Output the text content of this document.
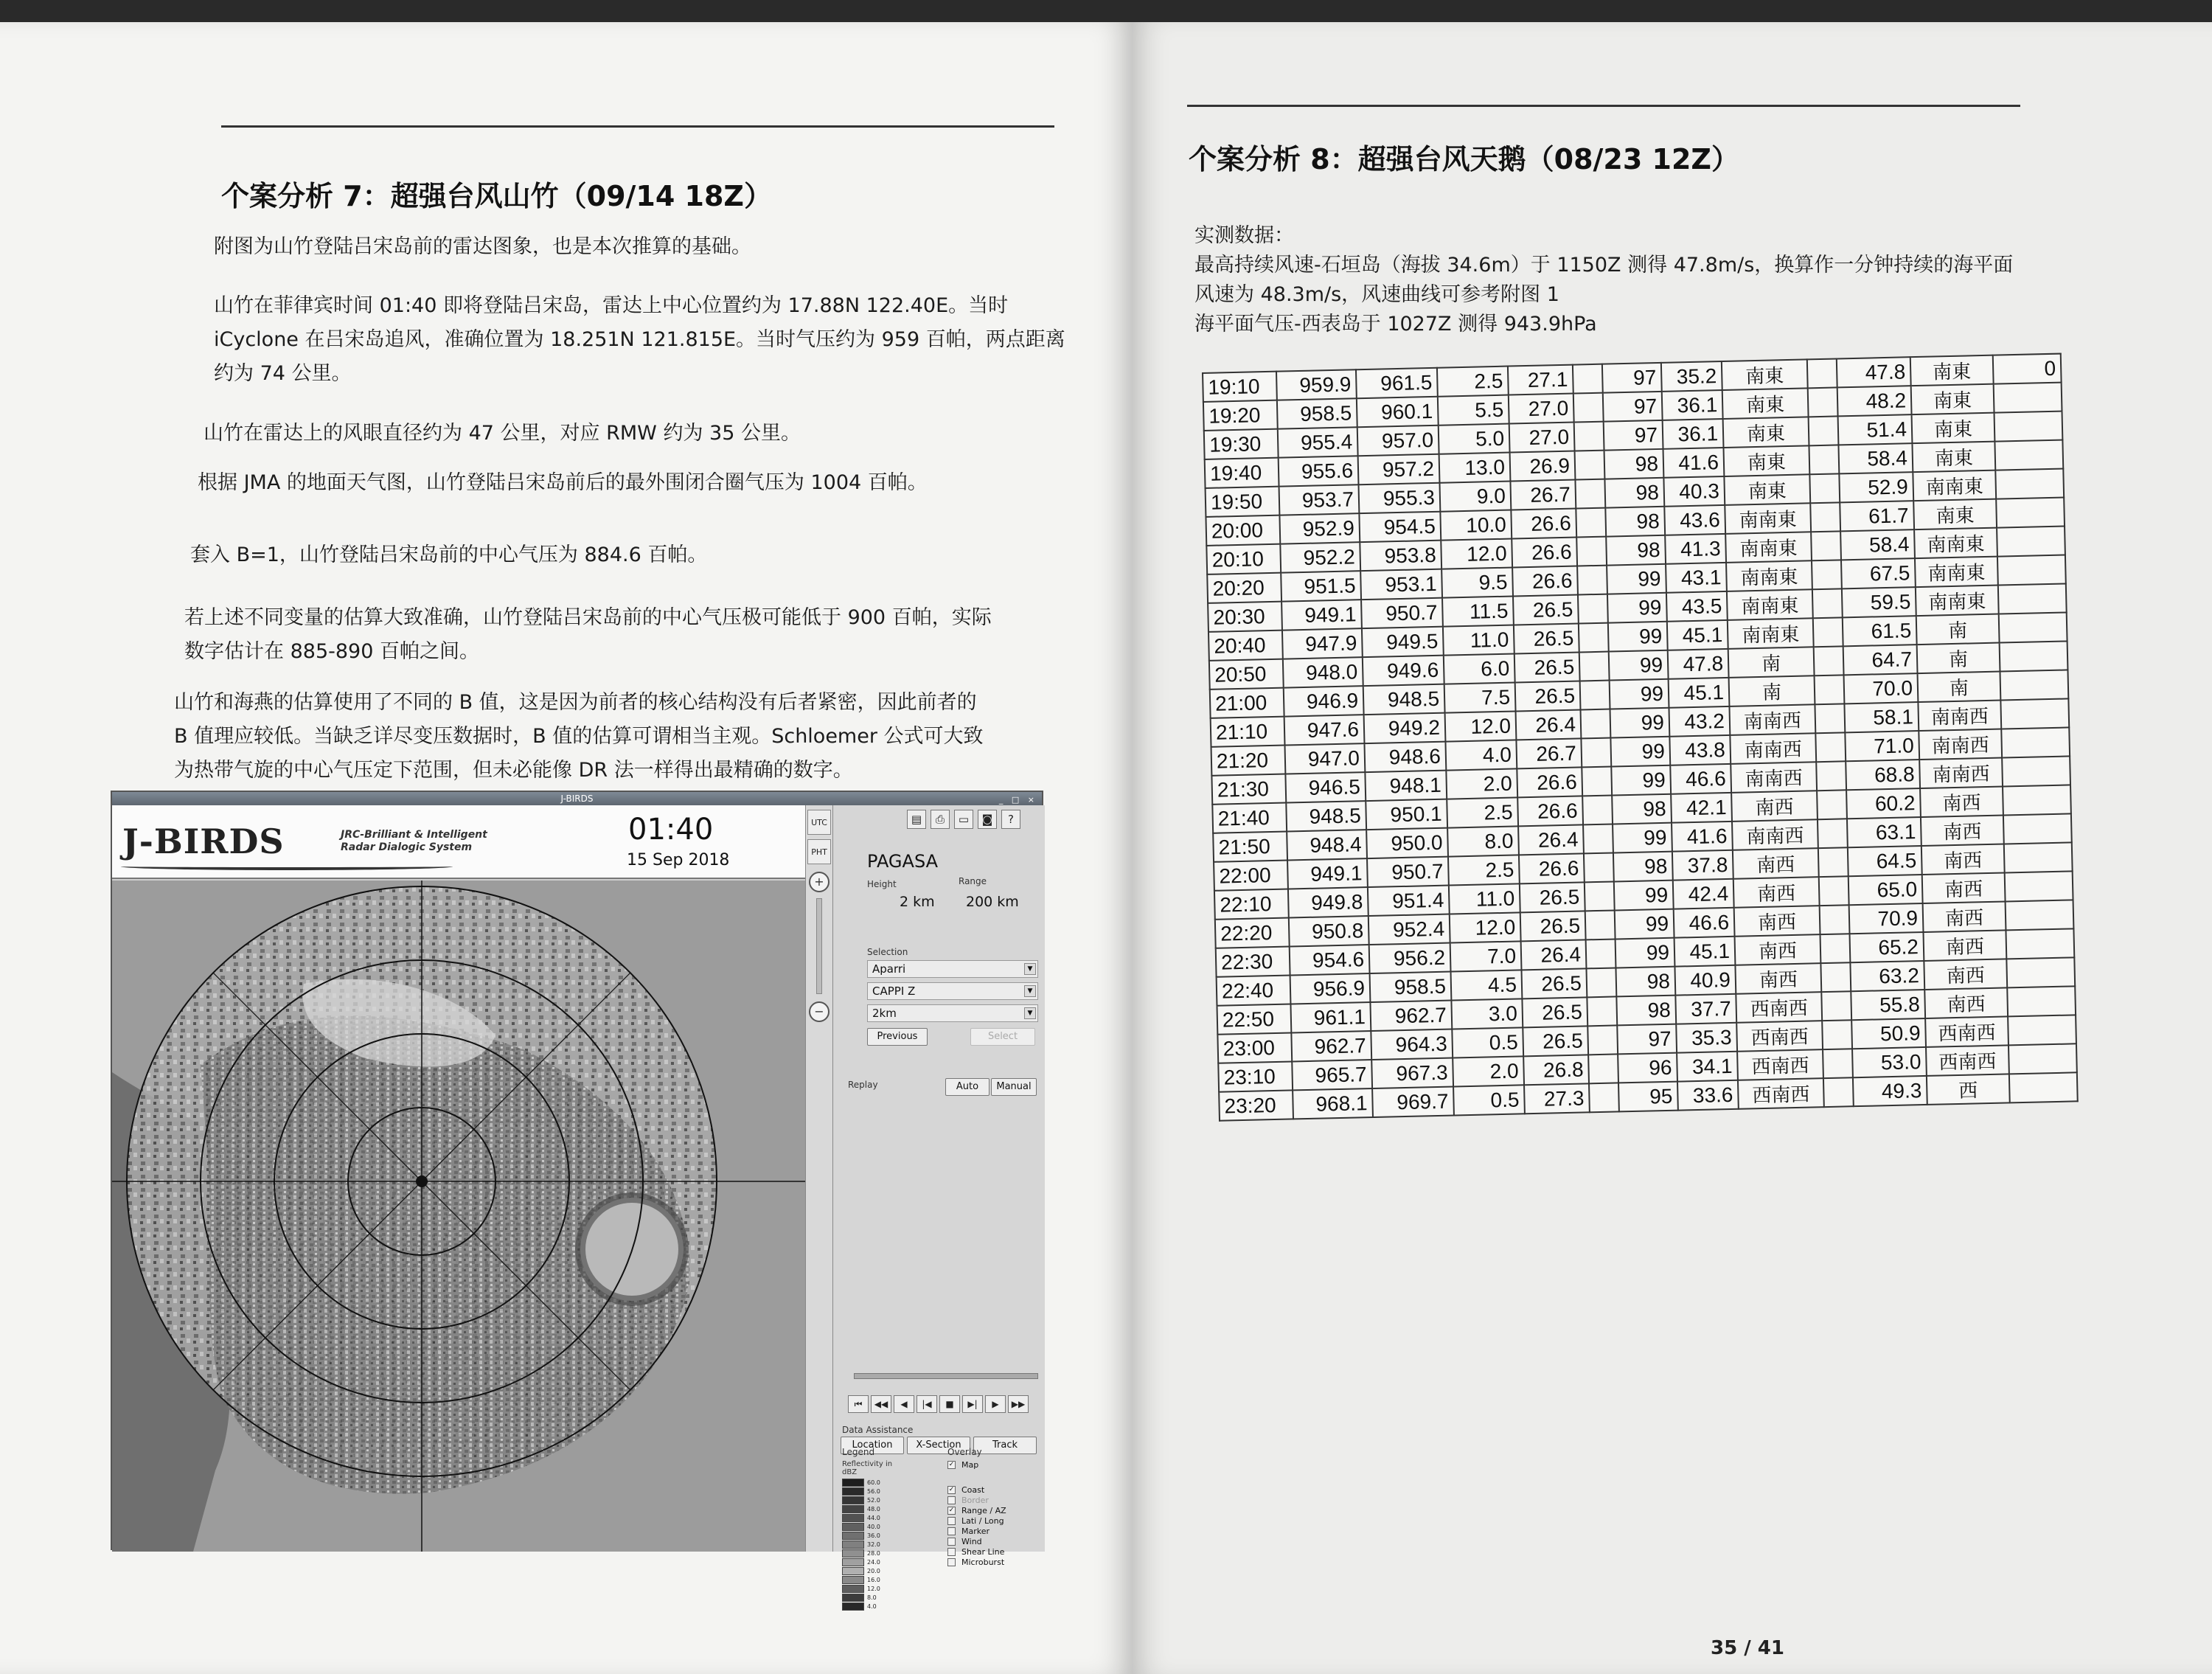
个案分析 7：超强台风山竹（09/14 18Z）
附图为山竹登陆吕宋岛前的雷达图象，也是本次推算的基础。
山竹在菲律宾时间 01:40 即将登陆吕宋岛，雷达上中心位置约为 17.88N 122.40E。当时
iCyclone 在吕宋岛追风，准确位置为 18.251N 121.815E。当时气压约为 959 百帕，两点距离
约为 74 公里。
山竹在雷达上的风眼直径约为 47 公里，对应 RMW 约为 35 公里。
根据 JMA 的地面天气图，山竹登陆吕宋岛前后的最外围闭合圈气压为 1004 百帕。
套入 B=1，山竹登陆吕宋岛前的中心气压为 884.6 百帕。
若上述不同变量的估算大致准确，山竹登陆吕宋岛前的中心气压极可能低于 900 百帕，实际
数字估计在 885-890 百帕之间。
山竹和海燕的估算使用了不同的 B 值，这是因为前者的核心结构没有后者紧密，因此前者的
B 值理应较低。当缺乏详尽变压数据时，B 值的估算可谓相当主观。Schloemer 公式可大致
为热带气旋的中心气压定下范围，但未必能像 DR 法一样得出最精确的数字。
J-BIRDS	_ □ ×
J-BIRDS	JRC-Brilliant & Intelligent
Radar Dialogic System
01:40
15 Sep 2018
UTC
PHT
+
−
▤	⎙	▭	◙	?
PAGASA
Height
2 km
Range
200 km
Selection
Aparri	▼
CAPPI Z	▼
2km	▼
Previous	Select
Replay	Auto	Manual
⏮	◀◀	◀	|◀	■	▶|	▶	▶▶
Data Assistance
Location	X-Section	Track
Legend
Reflectivity in
dBZ
60.0
56.0
52.0
48.0
44.0
40.0
36.0
32.0
28.0
24.0
20.0
16.0
12.0
8.0
4.0
Overlay
✓ Map
✓ Coast
Border
✓ Range / AZ
Lati / Long
Marker
Wind
Shear Line
Microburst
个案分析 8：超强台风天鹅（08/23 12Z）
实测数据：
最高持续风速-石垣岛（海拔 34.6m）于 1150Z 测得 47.8m/s，换算作一分钟持续的海平面
风速为 48.3m/s，风速曲线可参考附图 1
海平面气压-西表岛于 1027Z 测得 943.9hPa
19:10	959.9	961.5	2.5	27.1		97	35.2	南東		47.8	南東	0
19:20	958.5	960.1	5.5	27.0		97	36.1	南東		48.2	南東	
19:30	955.4	957.0	5.0	27.0		97	36.1	南東		51.4	南東	
19:40	955.6	957.2	13.0	26.9		98	41.6	南東		58.4	南東	
19:50	953.7	955.3	9.0	26.7		98	40.3	南東		52.9	南南東	
20:00	952.9	954.5	10.0	26.6		98	43.6	南南東		61.7	南東	
20:10	952.2	953.8	12.0	26.6		98	41.3	南南東		58.4	南南東	
20:20	951.5	953.1	9.5	26.6		99	43.1	南南東		67.5	南南東	
20:30	949.1	950.7	11.5	26.5		99	43.5	南南東		59.5	南南東	
20:40	947.9	949.5	11.0	26.5		99	45.1	南南東		61.5	南	
20:50	948.0	949.6	6.0	26.5		99	47.8	南		64.7	南	
21:00	946.9	948.5	7.5	26.5		99	45.1	南		70.0	南	
21:10	947.6	949.2	12.0	26.4		99	43.2	南南西		58.1	南南西	
21:20	947.0	948.6	4.0	26.7		99	43.8	南南西		71.0	南南西	
21:30	946.5	948.1	2.0	26.6		99	46.6	南南西		68.8	南南西	
21:40	948.5	950.1	2.5	26.6		98	42.1	南西		60.2	南西	
21:50	948.4	950.0	8.0	26.4		99	41.6	南南西		63.1	南西	
22:00	949.1	950.7	2.5	26.6		98	37.8	南西		64.5	南西	
22:10	949.8	951.4	11.0	26.5		99	42.4	南西		65.0	南西	
22:20	950.8	952.4	12.0	26.5		99	46.6	南西		70.9	南西	
22:30	954.6	956.2	7.0	26.4		99	45.1	南西		65.2	南西	
22:40	956.9	958.5	4.5	26.5		98	40.9	南西		63.2	南西	
22:50	961.1	962.7	3.0	26.5		98	37.7	西南西		55.8	南西	
23:00	962.7	964.3	0.5	26.5		97	35.3	西南西		50.9	西南西	
23:10	965.7	967.3	2.0	26.8		96	34.1	西南西		53.0	西南西	
23:20	968.1	969.7	0.5	27.3		95	33.6	西南西		49.3	西	
35 / 41
